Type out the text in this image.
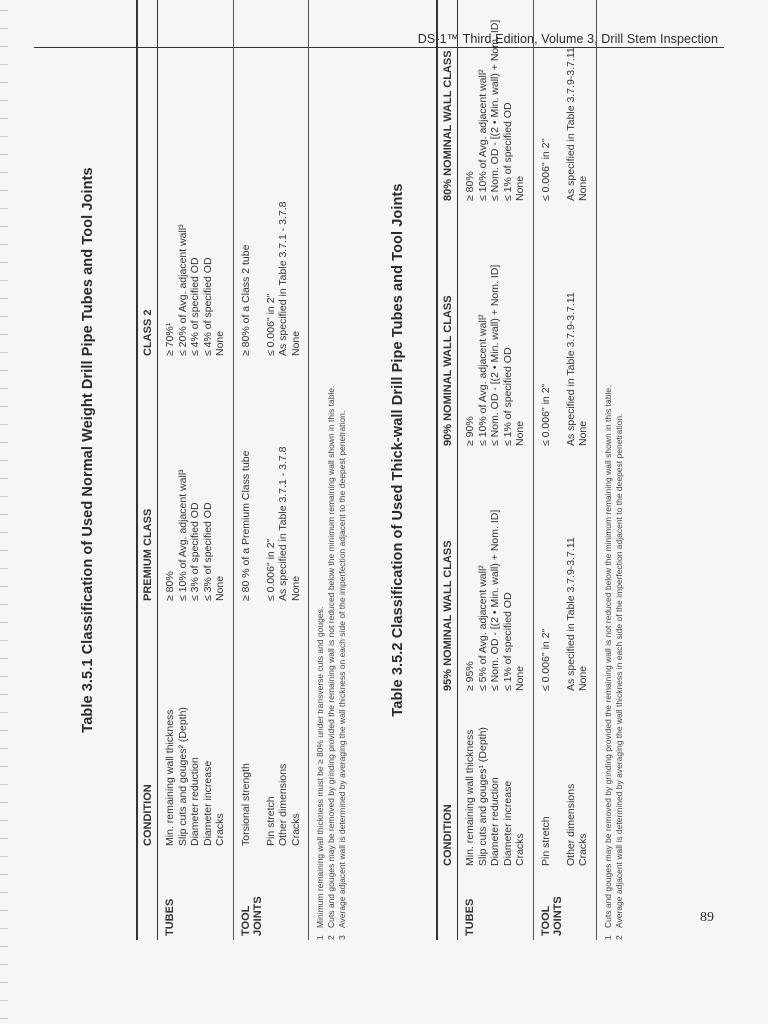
DS-1™ Third Edition, Volume 3, Drill Stem Inspection
Table 3.5.1 Classification of Used Normal Weight Drill Pipe Tubes and Tool Joints
	CONDITION	PREMIUM CLASS	CLASS 2
TUBES	Min. remaining wall thickness	≥ 80%	≥ 70%¹
	Slip cuts and gouges² (Depth)	≤ 10% of Avg. adjacent wall³	≤ 20% of Avg. adjacent wall³
	Diameter reduction	≤ 3% of specified OD	≤ 4% of specified OD
	Diameter increase	≤ 3% of specified OD	≤ 4% of specified OD
	Cracks	None	None
TOOL
JOINTS	Torsional strength	≥ 80 % of a Premium Class tube	≥ 80% of a Class 2 tube
	Pin stretch	≤ 0.006" in 2"	≤ 0.006" in 2"
	Other dimensions	As specified in Table 3.7.1 - 3.7.8	As specified in Table 3.7.1 - 3.7.8
	Cracks	None	None
1Minimum remaining wall thickness must be ≥ 80% under transverse cuts and gouges.
2Cuts and gouges may be removed by grinding provided the remaining wall is not reduced below the minimum remaining wall shown in this table.
3Average adjacent wall is determined by averaging the wall thickness on each side of the imperfection adjacent to the deepest penetration.	Table 3.5.2 Classification of Used Thick-wall Drill Pipe Tubes and Tool Joints
	CONDITION	95% NOMINAL WALL CLASS	90% NOMINAL WALL CLASS	80% NOMINAL WALL CLASS
TUBES	Min. remaining wall thickness	≥ 95%	≥ 90%	≥ 80%
	Slip cuts and gouges¹ (Depth)	≤ 5% of Avg. adjacent wall²	≤ 10% of Avg. adjacent wall²	≤ 10% of Avg. adjacent wall²
	Diameter reduction	≤ Nom. OD - [(2 • Min. wall) + Nom. ID]	≤ Nom. OD - [(2 • Min. wall) + Nom. ID]	≤ Nom. OD - [(2 • Min. wall) + Nom. ID]
	Diameter increase	≤ 1% of specified OD	≤ 1% of specified OD	≤ 1% of specified OD
	Cracks	None	None	None
TOOL
JOINTS	Pin stretch	≤ 0.006" in 2"	≤ 0.006" in 2"	≤ 0.006" in 2"
	Other dimensions	As specified in Table 3.7.9-3.7.11	As specified in Table 3.7.9-3.7.11	As specified in Table 3.7.9-3.7.11
	Cracks	None	None	None
1Cuts and gouges may be removed by grinding provided the remaining wall is not reduced below the minimum remaining wall shown in this table.
2Average adjacent wall is determined by averaging the wall thickness in each side of the imperfection adjacent to the deepest penetration.	89
